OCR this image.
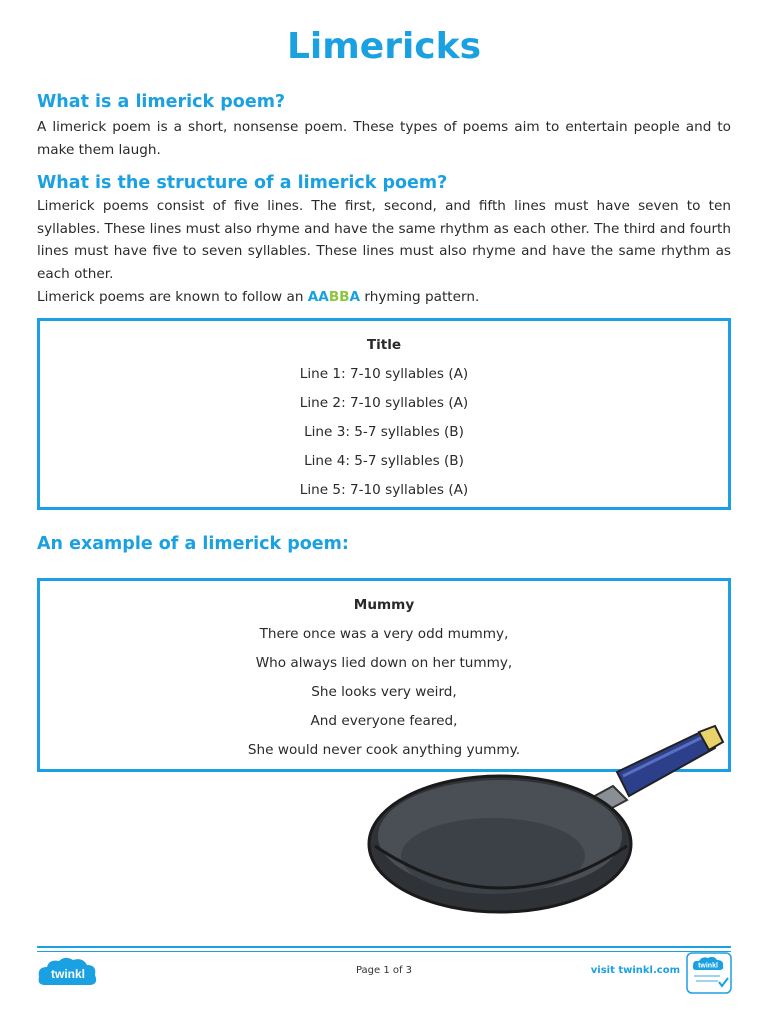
Limericks
What is a limerick poem?

A limerick poem is a short, nonsense poem. These types of poems aim to entertain people and to make them laugh.

What is the structure of a limerick poem?

Limerick poems consist of five lines. The first, second, and fifth lines must have seven to ten syllables. These lines must also rhyme and have the same rhythm as each other. The third and fourth lines must have five to seven syllables. These lines must also rhyme and have the same rhythm as each other.

Limerick poems are known to follow an AABBA rhyming pattern.

Title

Line 1: 7-10 syllables (A)

Line 2: 7-10 syllables (A)

Line 3: 5-7 syllables (B)

Line 4: 5-7 syllables (B)

Line 5: 7-10 syllables (A)

An example of a limerick poem:

Mummy

There once was a very odd mummy,

Who always lied down on her tummy,

She looks very weird,

And everyone feared,

She would never cook anything yummy.

twinkl	Page 1 of 3	visit twinkl.com	twinkl
